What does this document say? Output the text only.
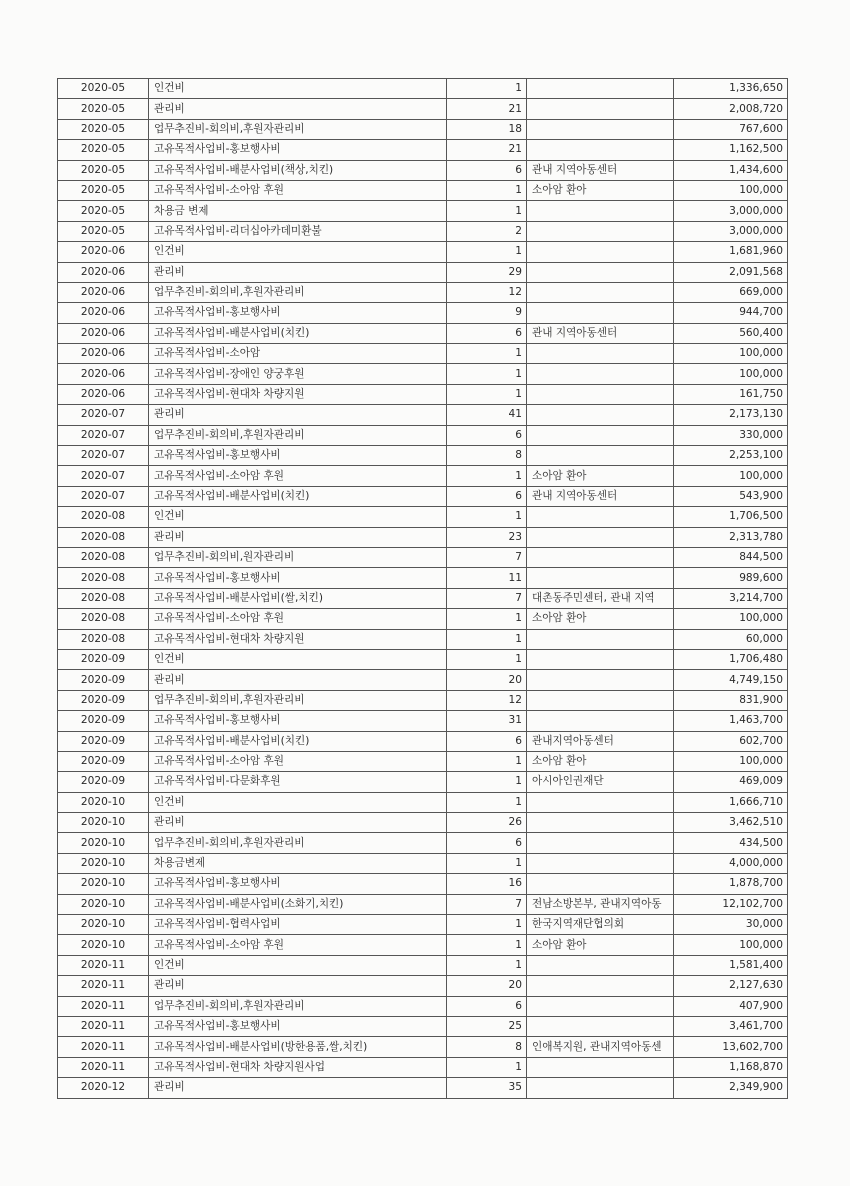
2020-05	인건비	1		1,336,650
2020-05	관리비	21		2,008,720
2020-05	업무추진비-회의비,후원자관리비	18		767,600
2020-05	고유목적사업비-홍보행사비	21		1,162,500
2020-05	고유목적사업비-배분사업비(책상,치킨)	6	관내 지역아동센터	1,434,600
2020-05	고유목적사업비-소아암 후원	1	소아암 환아	100,000
2020-05	차용금 변제	1		3,000,000
2020-05	고유목적사업비-리더십아카데미환불	2		3,000,000
2020-06	인건비	1		1,681,960
2020-06	관리비	29		2,091,568
2020-06	업무추진비-회의비,후원자관리비	12		669,000
2020-06	고유목적사업비-홍보행사비	9		944,700
2020-06	고유목적사업비-배분사업비(치킨)	6	관내 지역아동센터	560,400
2020-06	고유목적사업비-소아암	1		100,000
2020-06	고유목적사업비-장애인 양궁후원	1		100,000
2020-06	고유목적사업비-현대차 차량지원	1		161,750
2020-07	관리비	41		2,173,130
2020-07	업무추진비-회의비,후원자관리비	6		330,000
2020-07	고유목적사업비-홍보행사비	8		2,253,100
2020-07	고유목적사업비-소아암 후원	1	소아암 환아	100,000
2020-07	고유목적사업비-배분사업비(치킨)	6	관내 지역아동센터	543,900
2020-08	인건비	1		1,706,500
2020-08	관리비	23		2,313,780
2020-08	업무추진비-회의비,원자관리비	7		844,500
2020-08	고유목적사업비-홍보행사비	11		989,600
2020-08	고유목적사업비-배분사업비(쌀,치킨)	7	대촌동주민센터, 관내 지역	3,214,700
2020-08	고유목적사업비-소아암 후원	1	소아암 환아	100,000
2020-08	고유목적사업비-현대차 차량지원	1		60,000
2020-09	인건비	1		1,706,480
2020-09	관리비	20		4,749,150
2020-09	업무추진비-회의비,후원자관리비	12		831,900
2020-09	고유목적사업비-홍보행사비	31		1,463,700
2020-09	고유목적사업비-배분사업비(치킨)	6	관내지역아동센터	602,700
2020-09	고유목적사업비-소아암 후원	1	소아암 환아	100,000
2020-09	고유목적사업비-다문화후원	1	아시아인권재단	469,009
2020-10	인건비	1		1,666,710
2020-10	관리비	26		3,462,510
2020-10	업무추진비-회의비,후원자관리비	6		434,500
2020-10	차용금변제	1		4,000,000
2020-10	고유목적사업비-홍보행사비	16		1,878,700
2020-10	고유목적사업비-배분사업비(소화기,치킨)	7	전남소방본부, 관내지역아동	12,102,700
2020-10	고유목적사업비-협력사업비	1	한국지역재단협의회	30,000
2020-10	고유목적사업비-소아암 후원	1	소아암 환아	100,000
2020-11	인건비	1		1,581,400
2020-11	관리비	20		2,127,630
2020-11	업무추진비-회의비,후원자관리비	6		407,900
2020-11	고유목적사업비-홍보행사비	25		3,461,700
2020-11	고유목적사업비-배분사업비(방한용품,쌀,치킨)	8	인애복지원, 관내지역아동센	13,602,700
2020-11	고유목적사업비-현대차 차량지원사업	1		1,168,870
2020-12	관리비	35		2,349,900
